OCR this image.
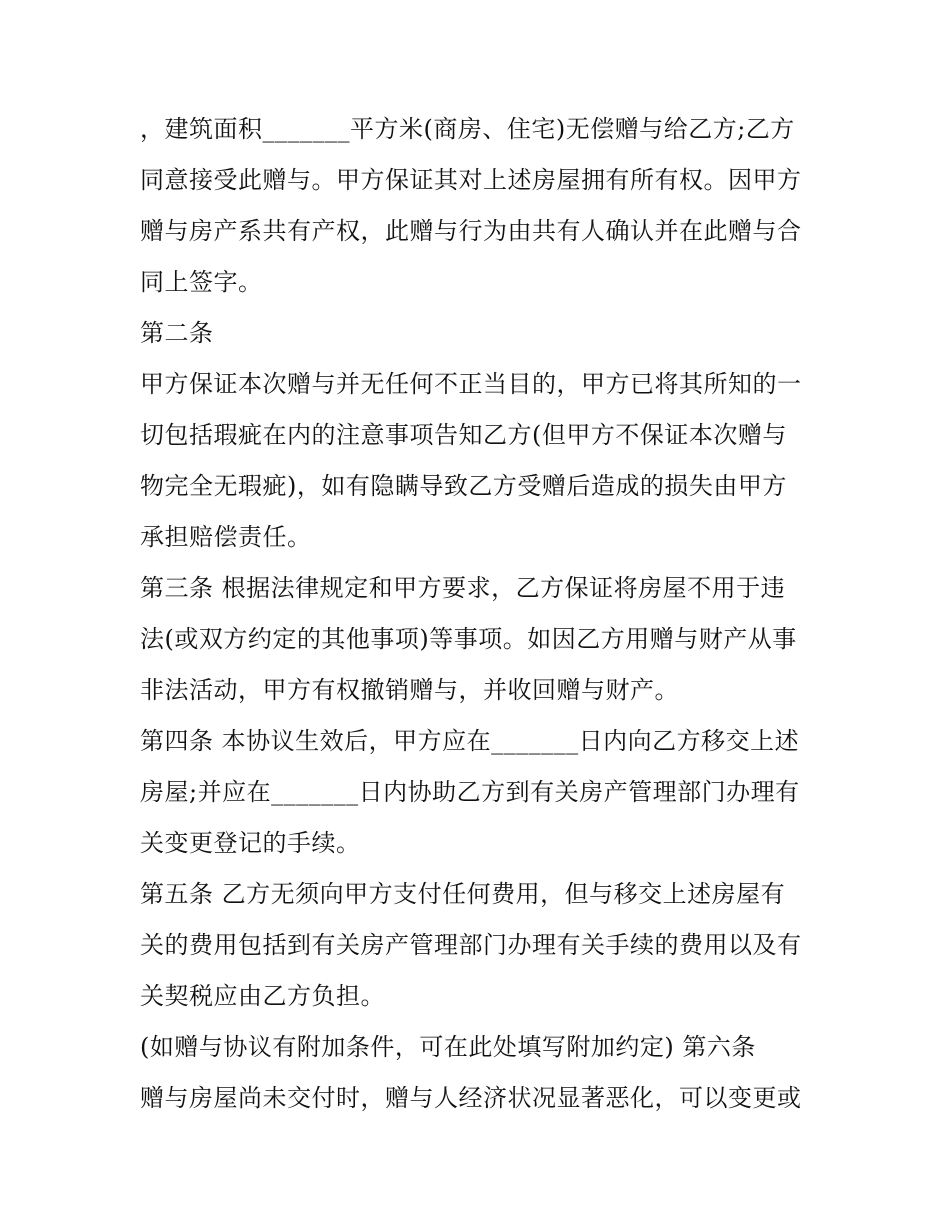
，建筑面积_______平方米(商房、住宅)无偿赠与给乙方;乙方
同意接受此赠与。甲方保证其对上述房屋拥有所有权。因甲方
赠与房产系共有产权，此赠与行为由共有人确认并在此赠与合
同上签字。
第二条
甲方保证本次赠与并无任何不正当目的，甲方已将其所知的一
切包括瑕疵在内的注意事项告知乙方(但甲方不保证本次赠与
物完全无瑕疵)，如有隐瞒导致乙方受赠后造成的损失由甲方
承担赔偿责任。
第三条 根据法律规定和甲方要求，乙方保证将房屋不用于违
法(或双方约定的其他事项)等事项。如因乙方用赠与财产从事
非法活动，甲方有权撤销赠与，并收回赠与财产。
第四条 本协议生效后，甲方应在_______日内向乙方移交上述
房屋;并应在_______日内协助乙方到有关房产管理部门办理有
关变更登记的手续。
第五条 乙方无须向甲方支付任何费用，但与移交上述房屋有
关的费用包括到有关房产管理部门办理有关手续的费用以及有
关契税应由乙方负担。
(如赠与协议有附加条件，可在此处填写附加约定) 第六条
赠与房屋尚未交付时，赠与人经济状况显著恶化，可以变更或
